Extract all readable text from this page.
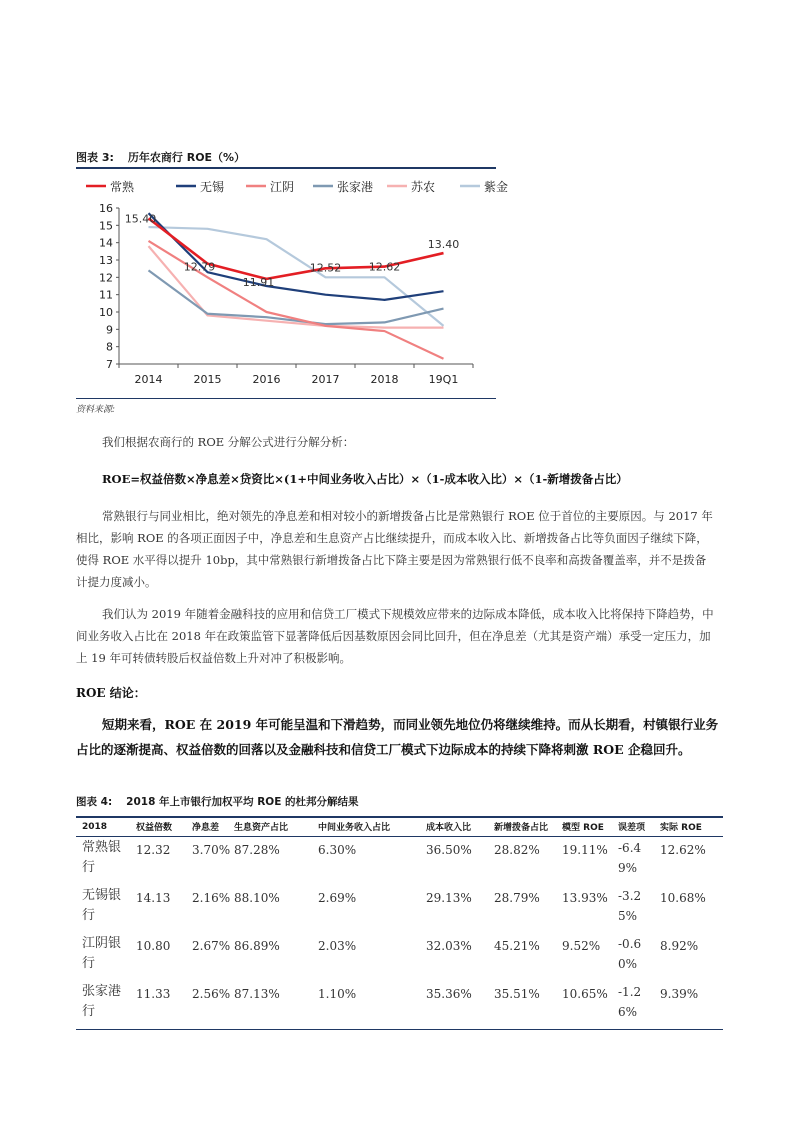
图表 3: 历年农商行 ROE（%）
常熟	无锡	江阴	张家港	苏农	紫金
7
8
9
10
11
12
13
14
15
16
2014	2015	2016	2017	2018	19Q1
15.40
12.79
11.91
12.52	12.62
13.40
资料来源:
我们根据农商行的 ROE 分解公式进行分解分析：
ROE=权益倍数×净息差×贷资比×(1+中间业务收入占比）×（1-成本收入比）×（1-新增拨备占比）
常熟银行与同业相比，绝对领先的净息差和相对较小的新增拨备占比是常熟银行 ROE 位于首位的主要原因。与 2017 年相比，影响 ROE 的各项正面因子中，净息差和生息资产占比继续提升，而成本收入比、新增拨备占比等负面因子继续下降，使得 ROE 水平得以提升 10bp，其中常熟银行新增拨备占比下降主要是因为常熟银行低不良率和高拨备覆盖率，并不是拨备计提力度减小。
我们认为 2019 年随着金融科技的应用和信贷工厂模式下规模效应带来的边际成本降低，成本收入比将保持下降趋势，中间业务收入占比在 2018 年在政策监管下显著降低后因基数原因会同比回升，但在净息差（尤其是资产端）承受一定压力，加上 19 年可转债转股后权益倍数上升对冲了积极影响。
ROE 结论：
短期来看，ROE 在 2019 年可能呈温和下滑趋势，而同业领先地位仍将继续维持。而从长期看，村镇银行业务占比的逐渐提高、权益倍数的回落以及金融科技和信贷工厂模式下边际成本的持续下降将刺激 ROE 企稳回升。
图表 4: 2018 年上市银行加权平均 ROE 的杜邦分解结果
2018	权益倍数	净息差	生息资产占比	中间业务收入占比	成本收入比	新增拨备占比	模型 ROE	误差项	实际 ROE
常熟银行	12.32	3.70%	87.28%	6.30%	36.50%	28.82%	19.11%	-6.49%	12.62%
无锡银行	14.13	2.16%	88.10%	2.69%	29.13%	28.79%	13.93%	-3.25%	10.68%
江阴银行	10.80	2.67%	86.89%	2.03%	32.03%	45.21%	9.52%	-0.60%	8.92%
张家港行	11.33	2.56%	87.13%	1.10%	35.36%	35.51%	10.65%	-1.26%	9.39%
